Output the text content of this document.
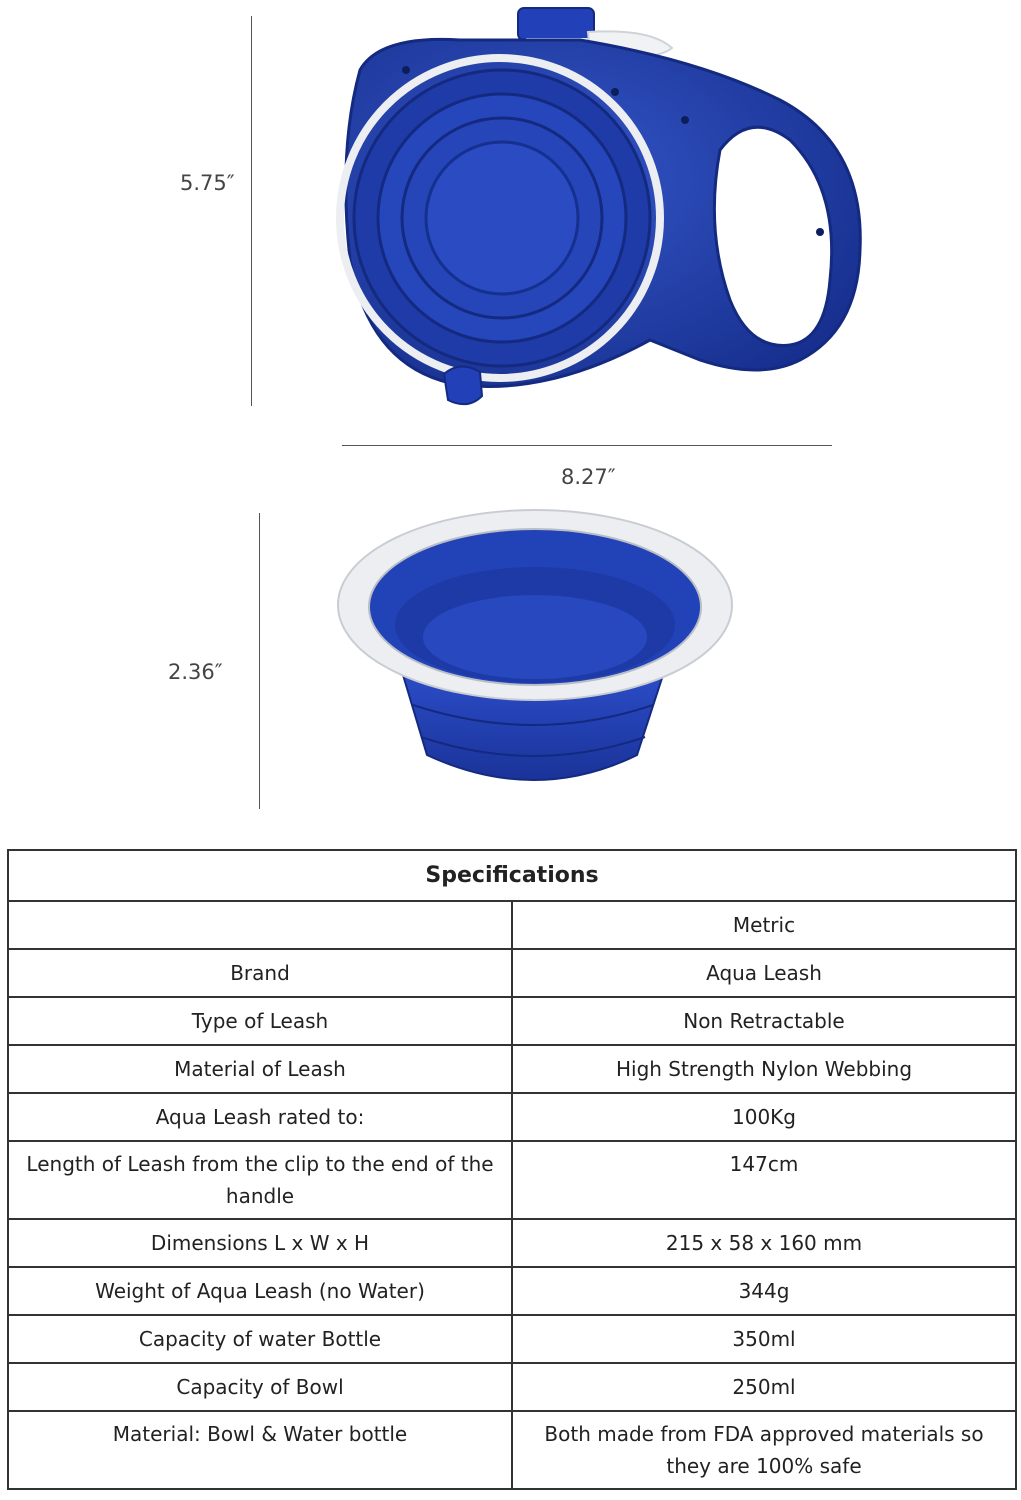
5.75″
8.27″
2.36″
Specifications	
	Metric
Brand	Aqua Leash
Type of Leash	Non Retractable
Material of Leash	High Strength Nylon Webbing
Aqua Leash rated to:	100Kg
Length of Leash from the clip to the end of the handle	147cm
Dimensions L x W x H	215 x 58 x 160 mm
Weight of Aqua Leash (no Water)	344g
Capacity of water Bottle	350ml
Capacity of Bowl	250ml
Material: Bowl & Water bottle	Both made from FDA approved materials so they are 100% safe
